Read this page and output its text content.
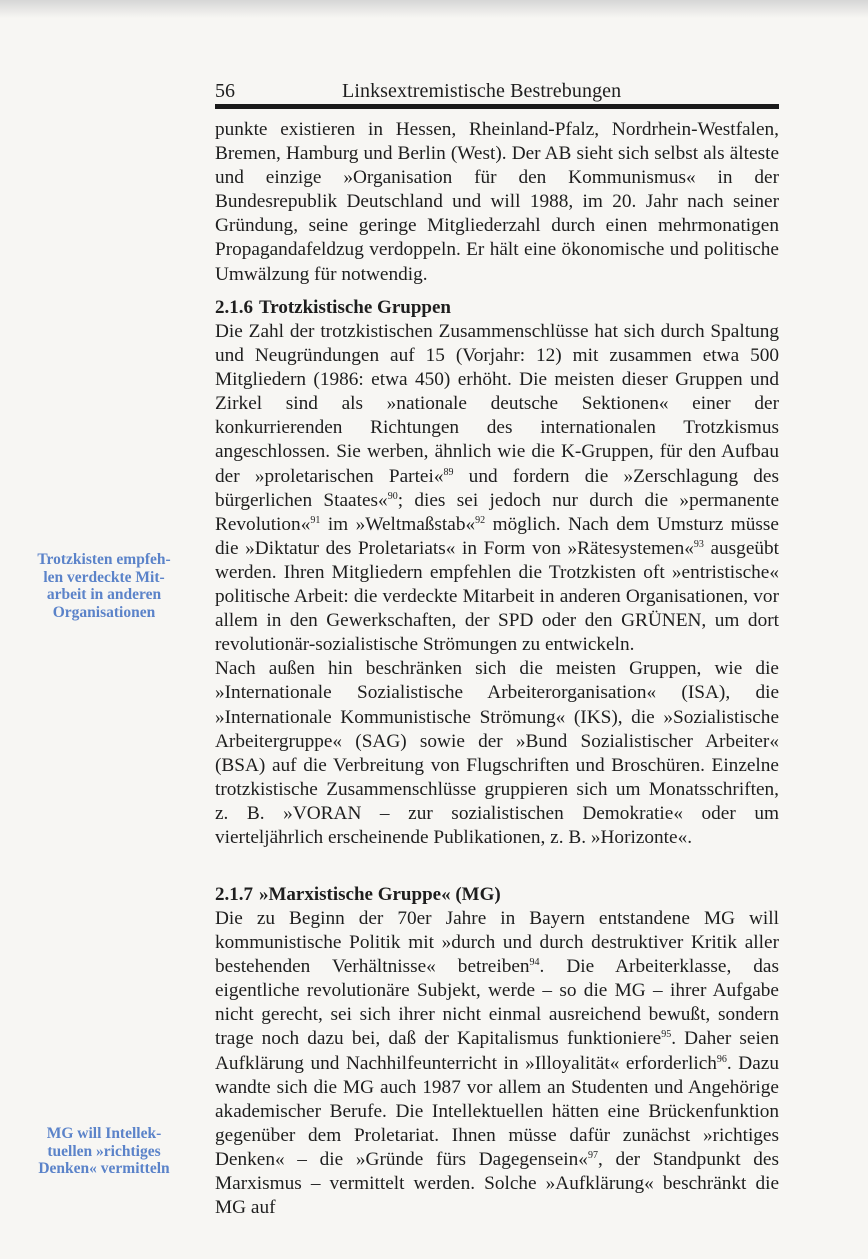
56	Linksextremistische Bestrebungen

punkte existieren in Hessen, Rheinland-Pfalz, Nordrhein-Westfalen, Bremen, Hamburg und Berlin (West). Der AB sieht sich selbst als älteste und einzige »Organisation für den Kommunismus« in der Bundesrepublik Deutschland und will 1988, im 20. Jahr nach seiner Gründung, seine geringe Mitgliederzahl durch einen mehrmonatigen Propagandafeldzug verdoppeln. Er hält eine ökonomische und politische Umwälzung für notwendig.

2.1.6 Trotzkistische Gruppen

Die Zahl der trotzkistischen Zusammenschlüsse hat sich durch Spaltung und Neugründungen auf 15 (Vorjahr: 12) mit zusammen etwa 500 Mitgliedern (1986: etwa 450) erhöht. Die meisten dieser Gruppen und Zirkel sind als »nationale deutsche Sektionen« einer der konkurrierenden Richtungen des internationalen Trotzkismus angeschlossen. Sie werben, ähnlich wie die K-Gruppen, für den Aufbau der »proletarischen Partei«$^{89}$ und fordern die »Zerschlagung des bürgerlichen Staates«$^{90}$; dies sei jedoch nur durch die »permanente Revolution«$^{91}$ im »Weltmaßstab«$^{92}$ möglich. Nach dem Umsturz müsse die »Diktatur des Proletariats« in Form von »Rätesystemen«$^{93}$ ausgeübt werden. Ihren Mitgliedern empfehlen die Trotzkisten oft »entristische« politische Arbeit: die verdeckte Mitarbeit in anderen Organisationen, vor allem in den Gewerkschaften, der SPD oder den GRÜNEN, um dort revolutionär-sozialistische Strömungen zu entwickeln.

Nach außen hin beschränken sich die meisten Gruppen, wie die »Internationale Sozialistische Arbeiterorganisation« (ISA), die »Internationale Kommunistische Strömung« (IKS), die »Sozialistische Arbeitergruppe« (SAG) sowie der »Bund Sozialistischer Arbeiter« (BSA) auf die Verbreitung von Flugschriften und Broschüren. Einzelne trotzkistische Zusammenschlüsse gruppieren sich um Monatsschriften, z. B. »VORAN – zur sozialistischen Demokratie« oder um vierteljährlich erscheinende Publikationen, z. B. »Horizonte«.

2.1.7 »Marxistische Gruppe« (MG)

Die zu Beginn der 70er Jahre in Bayern entstandene MG will kommunistische Politik mit »durch und durch destruktiver Kritik aller bestehenden Verhältnisse« betreiben$^{94}$. Die Arbeiterklasse, das eigentliche revolutionäre Subjekt, werde – so die MG – ihrer Aufgabe nicht gerecht, sei sich ihrer nicht einmal ausreichend bewußt, sondern trage noch dazu bei, daß der Kapitalismus funktioniere$^{95}$. Daher seien Aufklärung und Nachhilfeunterricht in »Illoyalität« erforderlich$^{96}$. Dazu wandte sich die MG auch 1987 vor allem an Studenten und Angehörige akademischer Berufe. Die Intellektuellen hätten eine Brückenfunktion gegenüber dem Proletariat. Ihnen müsse dafür zunächst »richtiges Denken« – die »Gründe fürs Dagegensein«$^{97}$, der Standpunkt des Marxismus – vermittelt werden. Solche »Aufklärung« beschränkt die MG auf

Trotzkisten empfeh-
len verdeckte Mit-
arbeit in anderen
Organisationen
MG will Intellek-
tuellen »richtiges
Denken« vermitteln
